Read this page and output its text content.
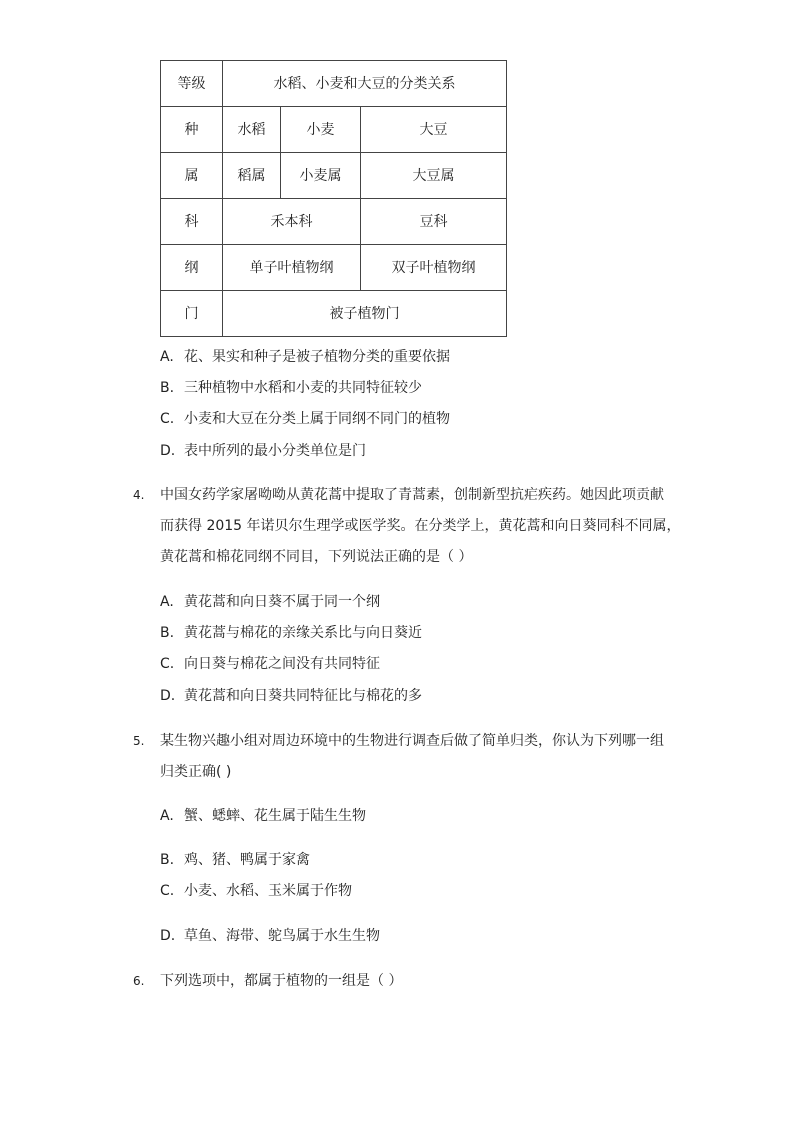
等级	水稻、小麦和大豆的分类关系		
种	水稻	小麦	大豆
属	稻属	小麦属	大豆属
科	禾本科		豆科
纲	单子叶植物纲		双子叶植物纲
门	被子植物门		
A. 花、果实和种子是被子植物分类的重要依据
B. 三种植物中水稻和小麦的共同特征较少
C. 小麦和大豆在分类上属于同纲不同门的植物
D. 表中所列的最小分类单位是门
4. 中国女药学家屠呦呦从黄花蒿中提取了青蒿素，创制新型抗疟疾药。她因此项贡献
而获得 2015 年诺贝尔生理学或医学奖。在分类学上，黄花蒿和向日葵同科不同属，
黄花蒿和棉花同纲不同目，下列说法正确的是（ ）
A. 黄花蒿和向日葵不属于同一个纲
B. 黄花蒿与棉花的亲缘关系比与向日葵近
C. 向日葵与棉花之间没有共同特征
D. 黄花蒿和向日葵共同特征比与棉花的多
5. 某生物兴趣小组对周边环境中的生物进行调查后做了简单归类，你认为下列哪一组
归类正确( )
A. 蟹、蟋蟀、花生属于陆生生物
B. 鸡、猪、鸭属于家禽
C. 小麦、水稻、玉米属于作物
D. 草鱼、海带、鸵鸟属于水生生物
6. 下列选项中，都属于植物的一组是（ ）
